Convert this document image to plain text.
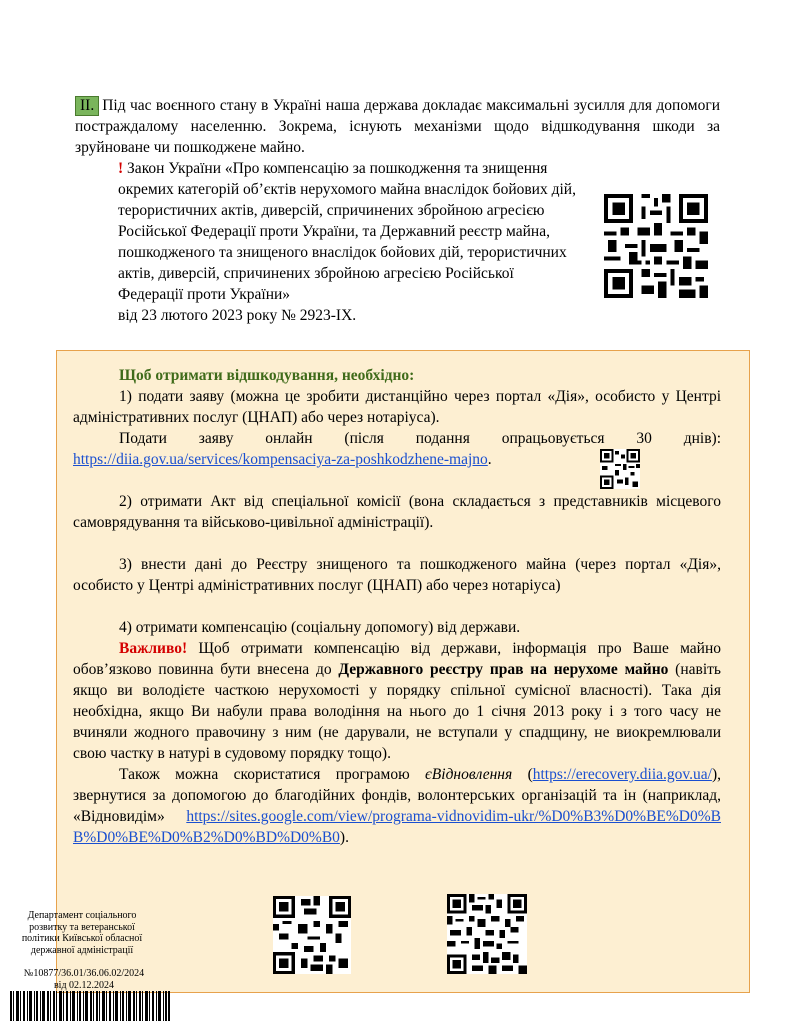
II. Під час воєнного стану в Україні наша держава докладає максимальні зусилля для допомоги постраждалому населенню. Зокрема, існують механізми щодо відшкодування шкоди за зруйноване чи пошкоджене майно.
! Закон України «Про компенсацію за пошкодження та знищення окремих категорій об’єктів нерухомого майна внаслідок бойових дій, терористичних актів, диверсій, спричинених збройною агресією Російської Федерації проти України, та Державний реєстр майна, пошкодженого та знищеного внаслідок бойових дій, терористичних актів, диверсій, спричинених збройною агресією Російської Федерації проти України»
від 23 лютого 2023 року № 2923-IX.

Щоб отримати відшкодування, необхідно:

1) подати заяву (можна це зробити дистанційно через портал «Дія», особисто у Центрі адміністративних послуг (ЦНАП) або через нотаріуса).

Подати заяву онлайн (після подання опрацьовується 30 днів): https://diia.gov.ua/services/kompensaciya-za-poshkodzhene-majno.

2) отримати Акт від спеціальної комісії (вона складається з представників місцевого самоврядування та військово-цивільної адміністрації).

3) внести дані до Реєстру знищеного та пошкодженого майна (через портал «Дія», особисто у Центрі адміністративних послуг (ЦНАП) або через нотаріуса)

4) отримати компенсацію (соціальну допомогу) від держави.

Важливо! Щоб отримати компенсацію від держави, інформація про Ваше майно обов’язково повинна бути внесена до Державного реєстру прав на нерухоме майно (навіть якщо ви володієте часткою нерухомості у порядку спільної сумісної власності). Така дія необхідна, якщо Ви набули права володіння на нього до 1 січня 2013 року і з того часу не вчиняли жодного правочину з ним (не дарували, не вступали у спадщину, не виокремлювали свою частку в натурі в судовому порядку тощо).

Також можна скористатися програмою єВідновлення (https://erecovery.diia.gov.ua/), звернутися за допомогою до благодійних фондів, волонтерських організацій та ін (наприклад, «Відновидім» https://sites.google.com/view/programa-vidnovidim-ukr/%D0%B3%D0%BE%D0%BB%D0%BE%D0%B2%D0%BD%D0%B0).

Департамент соціального розвитку та ветеранської політики Київської обласної державної адміністрації
№10877/36.01/36.06.02/2024
від 02.12.2024
